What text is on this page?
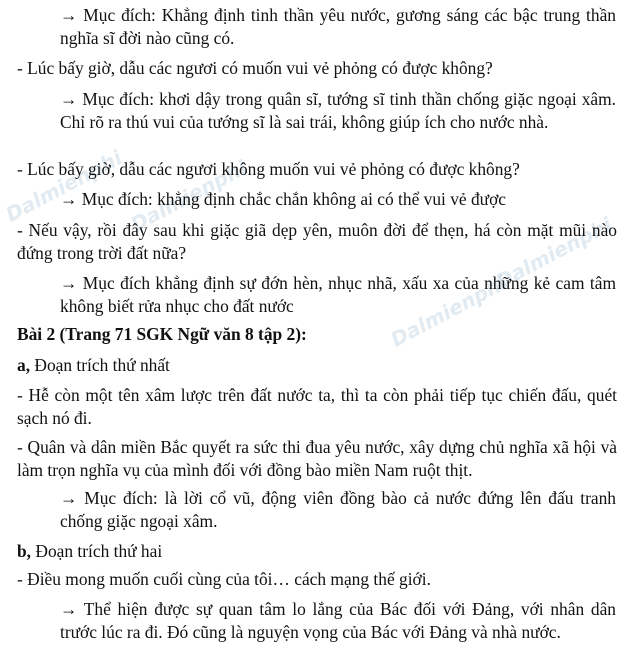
Dalmienphi Dalmienphi
Dalmienphi
Dalmienphi

→ Mục đích: Khẳng định tinh thần yêu nước, gương sáng các bậc trung thần nghĩa sĩ đời nào cũng có.

- Lúc bấy giờ, dẫu các ngươi có muốn vui vẻ phỏng có được không?

→ Mục đích: khơi dậy trong quân sĩ, tướng sĩ tinh thần chống giặc ngoại xâm. Chỉ rõ ra thú vui của tướng sĩ là sai trái, không giúp ích cho nước nhà.

- Lúc bấy giờ, dẫu các ngươi không muốn vui vẻ phỏng có được không?

→ Mục đích: khẳng định chắc chắn không ai có thể vui vẻ được

- Nếu vậy, rồi đây sau khi giặc giã dẹp yên, muôn đời để thẹn, há còn mặt mũi nào đứng trong trời đất nữa?

→ Mục đích khẳng định sự đớn hèn, nhục nhã, xấu xa của những kẻ cam tâm không biết rửa nhục cho đất nước

Bài 2 (Trang 71 SGK Ngữ văn 8 tập 2):

a, Đoạn trích thứ nhất

- Hễ còn một tên xâm lược trên đất nước ta, thì ta còn phải tiếp tục chiến đấu, quét sạch nó đi.

- Quân và dân miền Bắc quyết ra sức thi đua yêu nước, xây dựng chủ nghĩa xã hội và làm trọn nghĩa vụ của mình đối với đồng bào miền Nam ruột thịt.

→ Mục đích: là lời cổ vũ, động viên đồng bào cả nước đứng lên đấu tranh chống giặc ngoại xâm.

b, Đoạn trích thứ hai

- Điều mong muốn cuối cùng của tôi… cách mạng thế giới.

→ Thể hiện được sự quan tâm lo lắng của Bác đối với Đảng, với nhân dân trước lúc ra đi. Đó cũng là nguyện vọng của Bác với Đảng và nhà nước.
